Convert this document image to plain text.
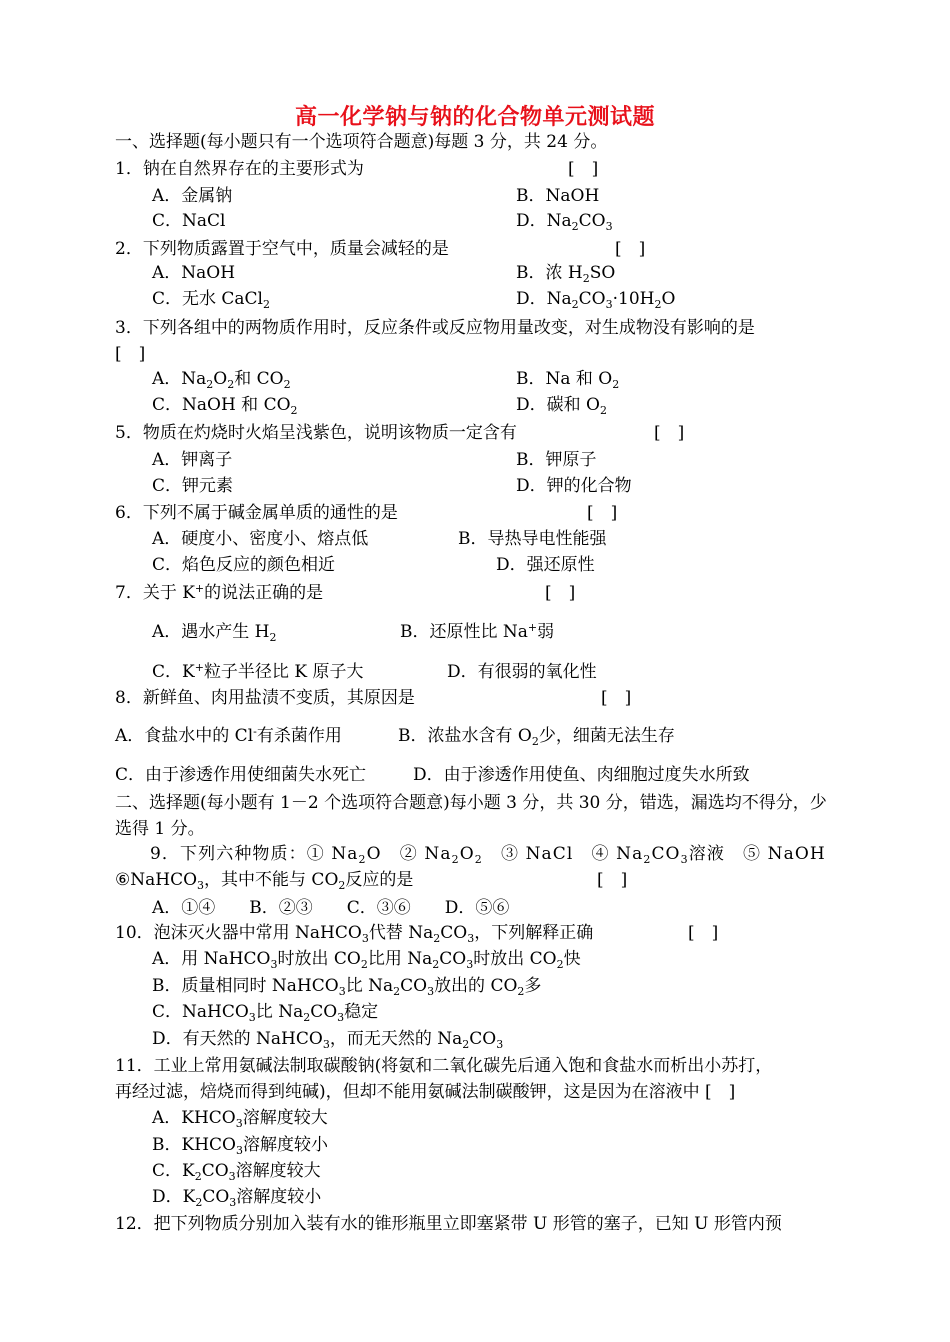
高一化学钠与钠的化合物单元测试题
一、选择题(每小题只有一个选项符合题意)每题 3 分，共 24 分。
1．钠在自然界存在的主要形式为	[　]
A．金属钠	B．NaOH
C．NaCl	D．$Na_2CO_3$
2．下列物质露置于空气中，质量会减轻的是	[　]
A．NaOH	B．浓 $H_2SO$
C．无水 CaCl$_2$	D．$Na_2CO_3\cdot 10H_2O$
3．下列各组中的两物质作用时，反应条件或反应物用量改变，对生成物没有影响的是
[　]
A．$Na_2O_2$和 $CO_2$	B．Na 和 $O_2$
C．NaOH 和 $CO_2$	D．碳和 $O_2$
5．物质在灼烧时火焰呈浅紫色，说明该物质一定含有	[　]
A．钾离子	B．钾原子
C．钾元素	D．钾的化合物
6．下列不属于碱金属单质的通性的是	[　]
A．硬度小、密度小、熔点低	B．导热导电性能强
C．焰色反应的颜色相近	D．强还原性
7．关于 K+的说法正确的是	[　]
A．遇水产生 $H_2$	B．还原性比 Na+弱
C．K+粒子半径比 K 原子大	D．有很弱的氧化性
8．新鲜鱼、肉用盐渍不变质，其原因是	[　]
A．食盐水中的 Cl-有杀菌作用	B．浓盐水含有 $O_2$少，细菌无法生存
C．由于渗透作用使细菌失水死亡	D．由于渗透作用使鱼、肉细胞过度失水所致
二、选择题(每小题有 1－2 个选项符合题意)每小题 3 分，共 30 分，错选，漏选均不得分，少选得 1 分。
9．下列六种物质：① $Na_2O$　② $Na_2O_2$　③ NaCl　④ $Na_2CO_3$溶液　⑤ NaOH
⑥NaHCO$_3$，其中不能与 $CO_2$反应的是	[　]
A．①④　　B．②③　　C．③⑥　　D．⑤⑥
10．泡沫灭火器中常用 NaHCO$_3$代替 $Na_2CO_3$，下列解释正确	[　]
A．用 NaHCO$_3$时放出 $CO_2$比用 $Na_2CO_3$时放出 $CO_2$快
B．质量相同时 NaHCO$_3$比 $Na_2CO_3$放出的 $CO_2$多
C．NaHCO$_3$比 $Na_2CO_3$稳定
D．有天然的 NaHCO$_3$，而无天然的 $Na_2CO_3$
11．工业上常用氨碱法制取碳酸钠(将氨和二氧化碳先后通入饱和食盐水而析出小苏打，
再经过滤，焙烧而得到纯碱)，但却不能用氨碱法制碳酸钾，这是因为在溶液中 [　]
A．$KHCO_3$溶解度较大
B．$KHCO_3$溶解度较小
C．$K_2CO_3$溶解度较大
D．$K_2CO_3$溶解度较小
12．把下列物质分别加入装有水的锥形瓶里立即塞紧带 U 形管的塞子，已知 U 形管内预
